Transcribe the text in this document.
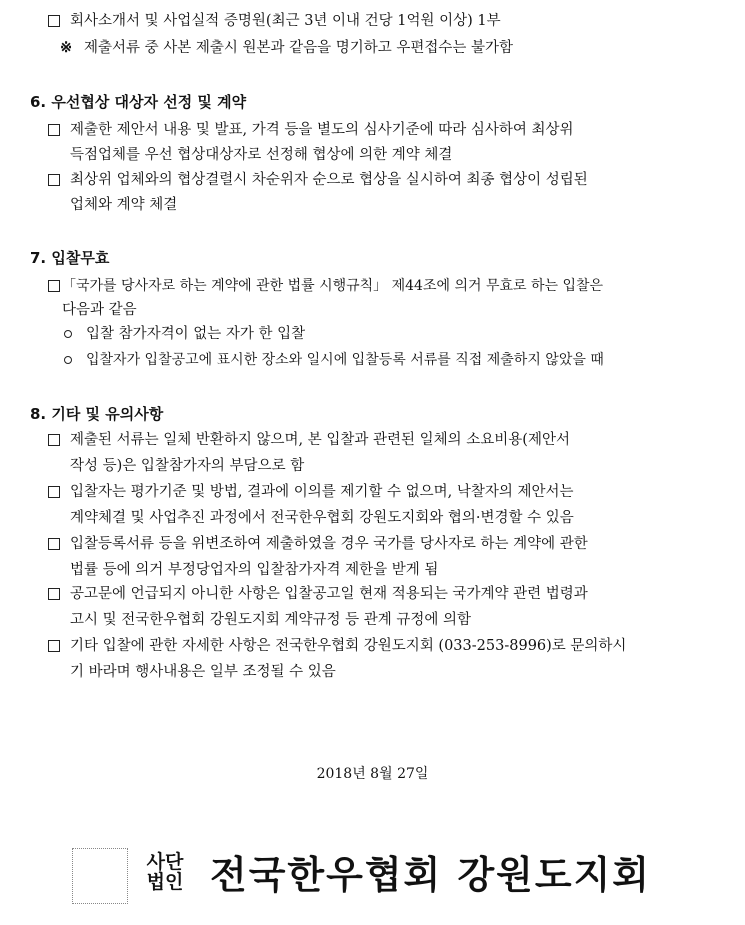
회사소개서 및 사업실적 증명원(최근 3년 이내 건당 1억원 이상) 1부
※ 제출서류 중 사본 제출시 원본과 같음을 명기하고 우편접수는 불가함
6. 우선협상 대상자 선정 및 계약
제출한 제안서 내용 및 발표, 가격 등을 별도의 심사기준에 따라 심사하여 최상위
득점업체를 우선 협상대상자로 선정해 협상에 의한 계약 체결
최상위 업체와의 협상결렬시 차순위자 순으로 협상을 실시하여 최종 협상이 성립된
업체와 계약 체결
7. 입찰무효
「국가를 당사자로 하는 계약에 관한 법률 시행규칙」 제44조에 의거 무효로 하는 입찰은
다음과 같음
입찰 참가자격이 없는 자가 한 입찰
입찰자가 입찰공고에 표시한 장소와 일시에 입찰등록 서류를 직접 제출하지 않았을 때
8. 기타 및 유의사항
제출된 서류는 일체 반환하지 않으며, 본 입찰과 관련된 일체의 소요비용(제안서
작성 등)은 입찰참가자의 부담으로 함
입찰자는 평가기준 및 방법, 결과에 이의를 제기할 수 없으며, 낙찰자의 제안서는
계약체결 및 사업추진 과정에서 전국한우협회 강원도지회와 협의·변경할 수 있음
입찰등록서류 등을 위변조하여 제출하였을 경우 국가를 당사자로 하는 계약에 관한
법률 등에 의거 부정당업자의 입찰참가자격 제한을 받게 됨
공고문에 언급되지 아니한 사항은 입찰공고일 현재 적용되는 국가계약 관련 법령과
고시 및 전국한우협회 강원도지회 계약규정 등 관계 규정에 의함
기타 입찰에 관한 자세한 사항은 전국한우협회 강원도지회 (033-253-8996)로 문의하시
기 바라며 행사내용은 일부 조정될 수 있음
2018년 8월 27일
사단
법인 전국한우협회 강원도지회
